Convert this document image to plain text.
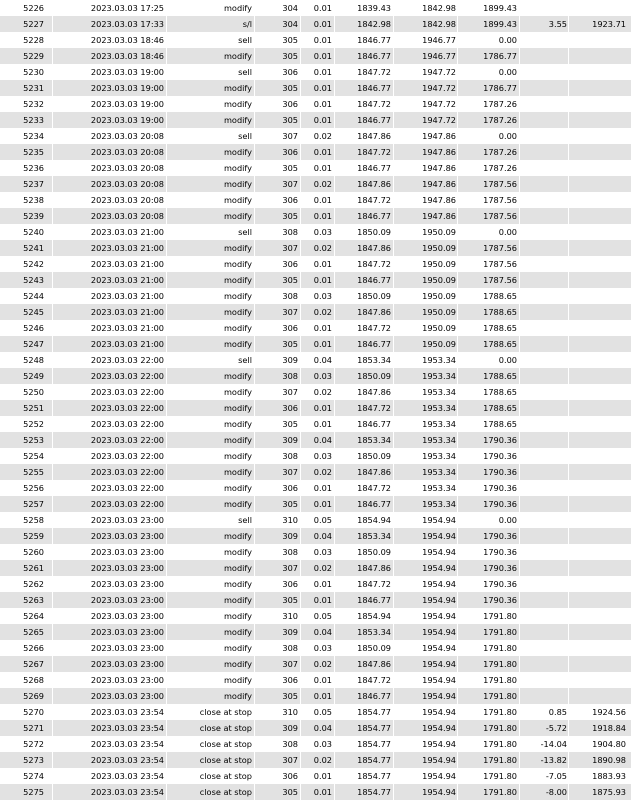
5226	2023.03.03 17:25	modify	304	0.01	1839.43	1842.98	1899.43
5227	2023.03.03 17:33	s/l	304	0.01	1842.98	1842.98	1899.43	3.55	1923.71
5228	2023.03.03 18:46	sell	305	0.01	1846.77	1946.77	0.00
5229	2023.03.03 18:46	modify	305	0.01	1846.77	1946.77	1786.77
5230	2023.03.03 19:00	sell	306	0.01	1847.72	1947.72	0.00
5231	2023.03.03 19:00	modify	305	0.01	1846.77	1947.72	1786.77
5232	2023.03.03 19:00	modify	306	0.01	1847.72	1947.72	1787.26
5233	2023.03.03 19:00	modify	305	0.01	1846.77	1947.72	1787.26
5234	2023.03.03 20:08	sell	307	0.02	1847.86	1947.86	0.00
5235	2023.03.03 20:08	modify	306	0.01	1847.72	1947.86	1787.26
5236	2023.03.03 20:08	modify	305	0.01	1846.77	1947.86	1787.26
5237	2023.03.03 20:08	modify	307	0.02	1847.86	1947.86	1787.56
5238	2023.03.03 20:08	modify	306	0.01	1847.72	1947.86	1787.56
5239	2023.03.03 20:08	modify	305	0.01	1846.77	1947.86	1787.56
5240	2023.03.03 21:00	sell	308	0.03	1850.09	1950.09	0.00
5241	2023.03.03 21:00	modify	307	0.02	1847.86	1950.09	1787.56
5242	2023.03.03 21:00	modify	306	0.01	1847.72	1950.09	1787.56
5243	2023.03.03 21:00	modify	305	0.01	1846.77	1950.09	1787.56
5244	2023.03.03 21:00	modify	308	0.03	1850.09	1950.09	1788.65
5245	2023.03.03 21:00	modify	307	0.02	1847.86	1950.09	1788.65
5246	2023.03.03 21:00	modify	306	0.01	1847.72	1950.09	1788.65
5247	2023.03.03 21:00	modify	305	0.01	1846.77	1950.09	1788.65
5248	2023.03.03 22:00	sell	309	0.04	1853.34	1953.34	0.00
5249	2023.03.03 22:00	modify	308	0.03	1850.09	1953.34	1788.65
5250	2023.03.03 22:00	modify	307	0.02	1847.86	1953.34	1788.65
5251	2023.03.03 22:00	modify	306	0.01	1847.72	1953.34	1788.65
5252	2023.03.03 22:00	modify	305	0.01	1846.77	1953.34	1788.65
5253	2023.03.03 22:00	modify	309	0.04	1853.34	1953.34	1790.36
5254	2023.03.03 22:00	modify	308	0.03	1850.09	1953.34	1790.36
5255	2023.03.03 22:00	modify	307	0.02	1847.86	1953.34	1790.36
5256	2023.03.03 22:00	modify	306	0.01	1847.72	1953.34	1790.36
5257	2023.03.03 22:00	modify	305	0.01	1846.77	1953.34	1790.36
5258	2023.03.03 23:00	sell	310	0.05	1854.94	1954.94	0.00
5259	2023.03.03 23:00	modify	309	0.04	1853.34	1954.94	1790.36
5260	2023.03.03 23:00	modify	308	0.03	1850.09	1954.94	1790.36
5261	2023.03.03 23:00	modify	307	0.02	1847.86	1954.94	1790.36
5262	2023.03.03 23:00	modify	306	0.01	1847.72	1954.94	1790.36
5263	2023.03.03 23:00	modify	305	0.01	1846.77	1954.94	1790.36
5264	2023.03.03 23:00	modify	310	0.05	1854.94	1954.94	1791.80
5265	2023.03.03 23:00	modify	309	0.04	1853.34	1954.94	1791.80
5266	2023.03.03 23:00	modify	308	0.03	1850.09	1954.94	1791.80
5267	2023.03.03 23:00	modify	307	0.02	1847.86	1954.94	1791.80
5268	2023.03.03 23:00	modify	306	0.01	1847.72	1954.94	1791.80
5269	2023.03.03 23:00	modify	305	0.01	1846.77	1954.94	1791.80
5270	2023.03.03 23:54	close at stop	310	0.05	1854.77	1954.94	1791.80	0.85	1924.56
5271	2023.03.03 23:54	close at stop	309	0.04	1854.77	1954.94	1791.80	-5.72	1918.84
5272	2023.03.03 23:54	close at stop	308	0.03	1854.77	1954.94	1791.80	-14.04	1904.80
5273	2023.03.03 23:54	close at stop	307	0.02	1854.77	1954.94	1791.80	-13.82	1890.98
5274	2023.03.03 23:54	close at stop	306	0.01	1854.77	1954.94	1791.80	-7.05	1883.93
5275	2023.03.03 23:54	close at stop	305	0.01	1854.77	1954.94	1791.80	-8.00	1875.93
